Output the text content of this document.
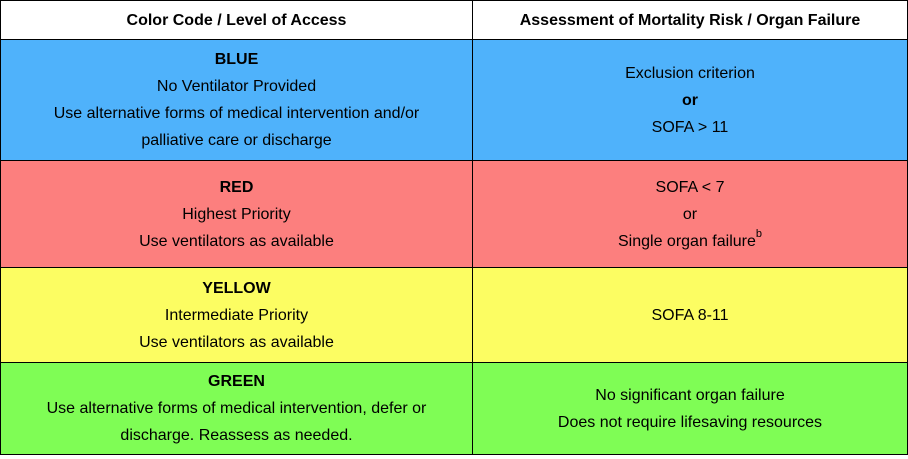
Color Code / Level of Access	Assessment of Mortality Risk / Organ Failure

BLUE
No Ventilator Provided
Use alternative forms of medical intervention and/or
palliative care or discharge	Exclusion criterion
or
SOFA > 11

RED
Highest Priority
Use ventilators as available	SOFA < 7
or
Single organ failure$^b$

YELLOW
Intermediate Priority
Use ventilators as available	SOFA 8-11

GREEN
Use alternative forms of medical intervention, defer or
discharge. Reassess as needed.	No significant organ failure
Does not require lifesaving resources
